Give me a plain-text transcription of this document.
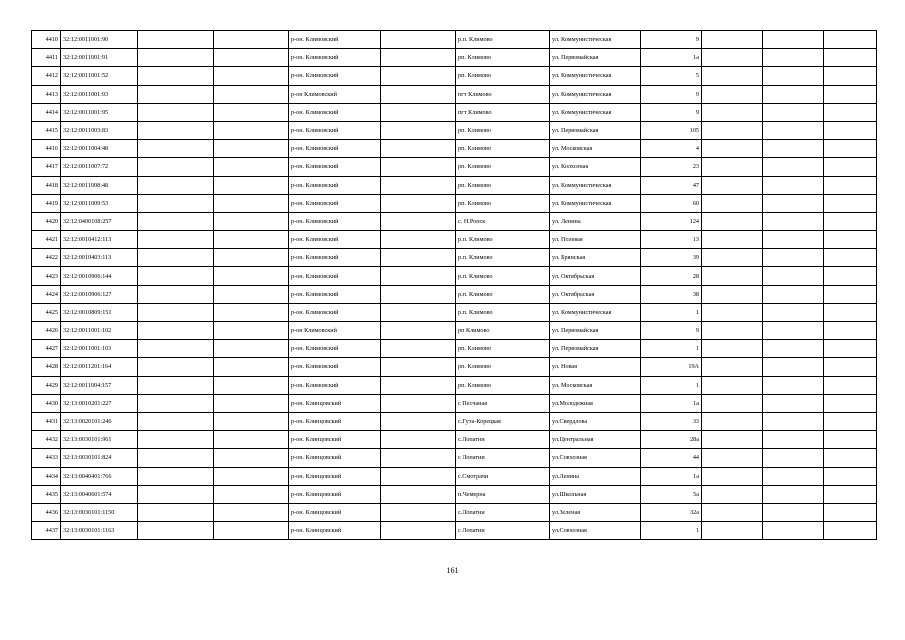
4410	32:12:0011001:90			р-он. Климовский		р.п. Климово	ул. Коммунистическая	9			
4411	32:12:0011001:91			р-он. Климовский		рп. Климово	ул. Первомайская	1а			
4412	32:12:0011001:52			р-он. Климовский		рп. Климово	ул. Коммунистическая	5			
4413	32:12:0011001:93			р-он Климовский		пгт Климово	ул. Коммунистическая	9			
4414	32:12:0011001:95			р-он. Климовский		пгт Климово	ул. Коммунистическая	9			
4415	32:12:0011003:83			р-он. Климовский		рп. Климово	ул. Первомайская	105			
4416	32:12:0011004:48			р-он. Климовский		рп. Климово	ул. Московская	4			
4417	32:12:0011007:72			р-он. Климовский		рп. Климово	ул. Колхозная	23			
4418	32:12:0011008:48			р-он. Климовский		рп. Климово	ул. Коммунистическая	47			
4419	32:12:0011009:53			р-он. Климовский		рп. Климово	ул. Коммунистическая	60			
4420	32:12:0400108:257			р-он. Климовский		с. Н.Ропск	ул. Ленина	124			
4421	32:12:0010412:113			р-он. Климовский		р.п. Климово	ул. Полевая	13			
4422	32:12:0010403:113			р-он. Климовский		р.п. Климово	ул. Брянская	39			
4423	32:12:0010906:144			р-он. Климовский		р.п. Климово	ул. Октябрьская	28			
4424	32:12:0010906:127			р-он. Климовский		р.п. Климово	ул. Октябрьская	38			
4425	32:12:0010809:151			р-он. Климовский		р.п. Климово	ул. Коммунистическая	1			
4426	32:12:0011001:102			р-он Климовский		рп Климово	ул. Первомайская	9			
4427	32:12:0011001:103			р-он. Климовский		рп. Климово	ул. Первомайская	1			
4428	32:12:0011201:164			р-он. Климовский		рп. Климово	ул. Новая	19А			
4429	32:12:0011004:157			р-он. Климовский		рп. Климово	ул. Московская	1			
4430	32:13:0010201:227			р-он. Клинцовский		с Песчаная	ул.Молодежная	1а			
4431	32:13:0020101:246			р-он. Клинцовский		с.Гута-Корецкая	ул.Свердлова	33			
4432	32:13:0030101:961			р-он. Клинцовский		с.Лопатни	ул.Центральная	28а			
4433	32:13:0030101:824			р-он. Клинцовский		с Лопатни	ул.Совхозная	44			
4434	32:13:0040401:766			р-он. Клинцовский		с.Смотрачи	ул.Ленина	1а			
4435	32:13:0040601:574			р-он. Клинцовский		п.Чемерна	ул.Школьная	5а			
4436	32:13:0030101:1150			р-он. Клинцовский		с.Лопатни	ул.Зеленая	32а			
4437	32:13:0030101:1163			р-он. Клинцовский		с Лопатни	ул.Совхозная	1			
161
